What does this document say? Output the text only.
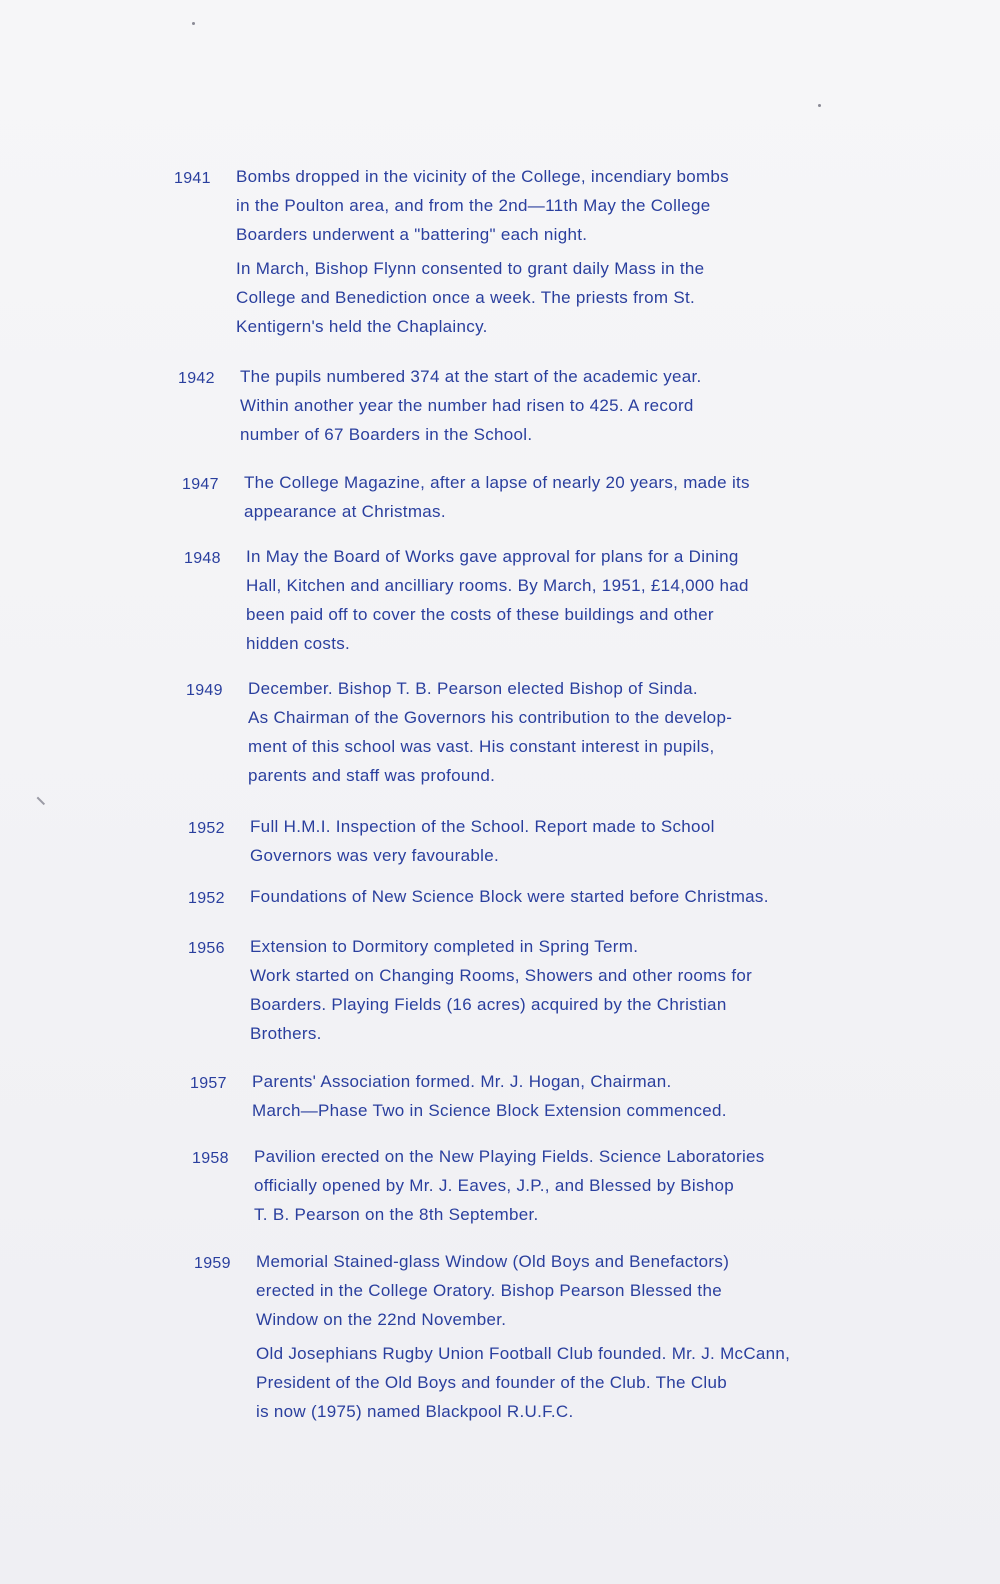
1941	Bombs dropped in the vicinity of the College, incendiary bombs
in the Poulton area, and from the 2nd—11th May the College
Boarders underwent a "battering" each night.

In March, Bishop Flynn consented to grant daily Mass in the
College and Benediction once a week. The priests from St.
Kentigern's held the Chaplaincy.

1942	The pupils numbered 374 at the start of the academic year.
Within another year the number had risen to 425. A record
number of 67 Boarders in the School.

1947	The College Magazine, after a lapse of nearly 20 years, made its
appearance at Christmas.

1948	In May the Board of Works gave approval for plans for a Dining
Hall, Kitchen and ancilliary rooms. By March, 1951, £14,000 had
been paid off to cover the costs of these buildings and other
hidden costs.

1949	December. Bishop T. B. Pearson elected Bishop of Sinda.
As Chairman of the Governors his contribution to the develop-
ment of this school was vast. His constant interest in pupils,
parents and staff was profound.

1952	Full H.M.I. Inspection of the School. Report made to School
Governors was very favourable.

1952	Foundations of New Science Block were started before Christmas.

1956	Extension to Dormitory completed in Spring Term.
Work started on Changing Rooms, Showers and other rooms for
Boarders. Playing Fields (16 acres) acquired by the Christian
Brothers.

1957	Parents' Association formed. Mr. J. Hogan, Chairman.
March—Phase Two in Science Block Extension commenced.

1958	Pavilion erected on the New Playing Fields. Science Laboratories
officially opened by Mr. J. Eaves, J.P., and Blessed by Bishop
T. B. Pearson on the 8th September.

1959	Memorial Stained-glass Window (Old Boys and Benefactors)
erected in the College Oratory. Bishop Pearson Blessed the
Window on the 22nd November.

Old Josephians Rugby Union Football Club founded. Mr. J. McCann,
President of the Old Boys and founder of the Club. The Club
is now (1975) named Blackpool R.U.F.C.
